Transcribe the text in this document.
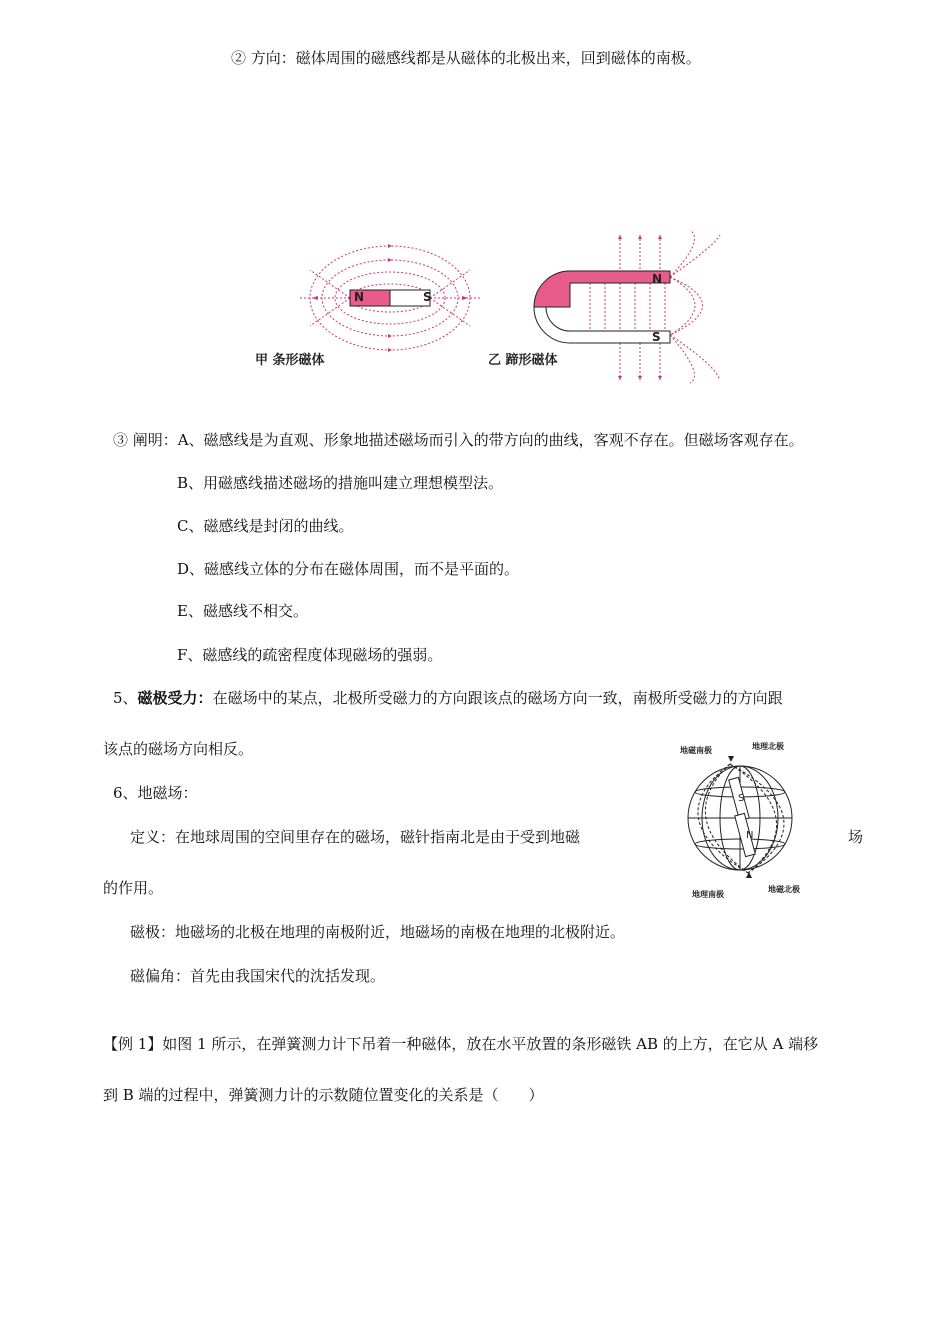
② 方向：磁体周围的磁感线都是从磁体的北极出来，回到磁体的南极。
N	S
甲 条形磁体
N
S
乙 蹄形磁体
③ 阐明：A、磁感线是为直观、形象地描述磁场而引入的带方向的曲线，客观不存在。但磁场客观存在。
B、用磁感线描述磁场的措施叫建立理想模型法。
C、磁感线是封闭的曲线。
D、磁感线立体的分布在磁体周围，而不是平面的。
E、磁感线不相交。
F、磁感线的疏密程度体现磁场的强弱。
5、磁极受力：在磁场中的某点，北极所受磁力的方向跟该点的磁场方向一致，南极所受磁力的方向跟
该点的磁场方向相反。
6、地磁场：
定义：在地球周围的空间里存在的磁场，磁针指南北是由于受到地磁	场
的作用。
磁极：地磁场的北极在地理的南极附近，地磁场的南极在地理的北极附近。
磁偏角：首先由我国宋代的沈括发现。
地磁南极	地理北极
地理南极
地磁北极
S
N
【例 1】如图 1 所示，在弹簧测力计下吊着一种磁体，放在水平放置的条形磁铁 AB 的上方，在它从 A 端移
到 B 端的过程中，弹簧测力计的示数随位置变化的关系是（　　）
